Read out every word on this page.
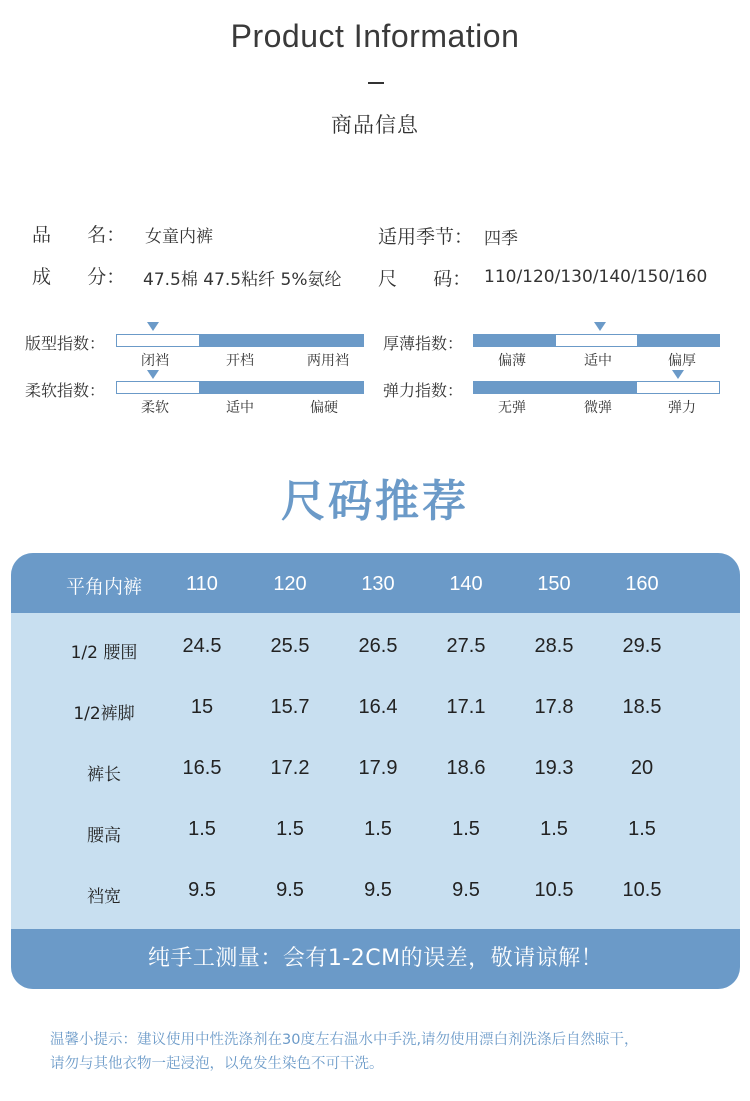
Product Information
商品信息
品      名： 女童内裤	适用季节： 四季
成      分： 47.5棉 47.5粘纤 5%氨纶 尺      码： 110/120/130/140/150/160
版型指数：
闭裆	开档	两用裆
厚薄指数：
偏薄	适中	偏厚
柔软指数：
柔软	适中	偏硬
弹力指数：
无弹	微弹	弹力
尺码推荐
平角内裤	110	120	130	140	150	160
1/2 腰围	24.5	25.5	26.5	27.5	28.5	29.5
1/2裤脚	15	15.7	16.4	17.1	17.8	18.5
裤长	16.5	17.2	17.9	18.6	19.3	20
腰高	1.5	1.5	1.5	1.5	1.5	1.5
裆宽	9.5	9.5	9.5	9.5	10.5	10.5
纯手工测量：会有1-2CM的误差，敬请谅解！
温馨小提示：建议使用中性洗涤剂在30度左右温水中手洗,请勿使用漂白剂洗涤后自然晾干，
请勿与其他衣物一起浸泡，以免发生染色不可干洗。
